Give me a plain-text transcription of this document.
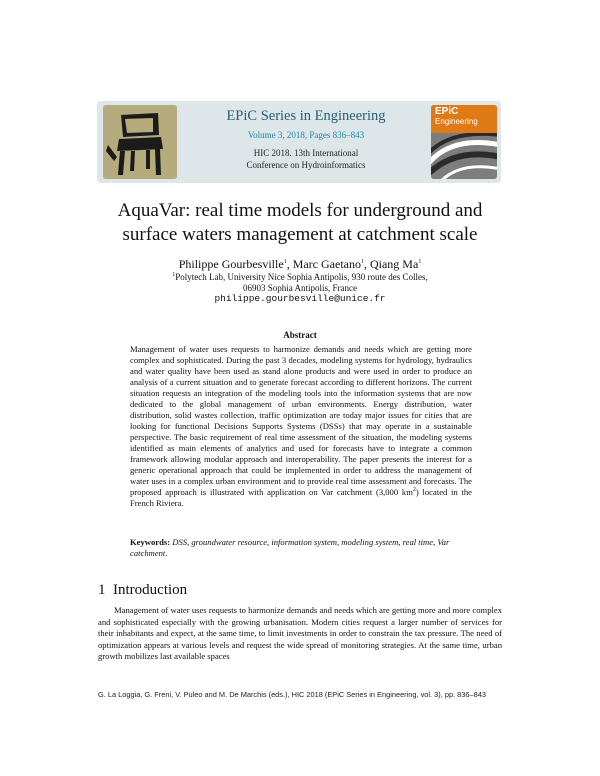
EPiC Series in Engineering
Volume 3, 2018, Pages 836–843
HIC 2018. 13th International
Conference on Hydroinformatics
EPiC
Engineering
AquaVar: real time models for underground and surface waters management at catchment scale
Philippe Gourbesville$^1$, Marc Gaetano$^1$, Qiang Ma$^1$
$^1$Polytech Lab, University Nice Sophia Antipolis, 930 route des Colles,
06903 Sophia Antipolis, France
philippe.gourbesville@unice.fr
Abstract

Management of water uses requests to harmonize demands and needs which are getting more complex and sophisticated. During the past 3 decades, modeling systems for hydrology, hydraulics and water quality have been used as stand alone products and were used in order to produce an analysis of a current situation and to generate forecast according to different horizons. The current situation requests an integration of the modeling tools into the information systems that are now dedicated to the global management of urban environments. Energy distribution, water distribution, solid wastes collection, traffic optimization are today major issues for cities that are looking for functional Decisions Supports Systems (DSSs) that may operate in a sustainable perspective. The basic requirement of real time assessment of the situation, the modeling systems identified as main elements of analytics and used for forecasts have to integrate a common framework allowing modular approach and interoperability. The paper presents the interest for a generic operational approach that could be implemented in order to address the management of water uses in a complex urban environment and to provide real time assessment and forecasts. The proposed approach is illustrated with application on Var catchment (3,000 $km^2$) located in the French Riviera.

Keywords: DSS, groundwater resource, information system, modeling system, real time, Var catchment.

1 Introduction

Management of water uses requests to harmonize demands and needs which are getting more and more complex and sophisticated especially with the growing urbanisation. Modern cities request a larger number of services for their inhabitants and expect, at the same time, to limit investments in order to constrain the tax pressure. The need of optimization appears at various levels and request the wide spread of monitoring strategies. At the same time, urban growth mobilizes last available spaces

G. La Loggia, G. Freni, V. Puleo and M. De Marchis (eds.), HIC 2018 (EPiC Series in Engineering, vol. 3), pp. 836–843
